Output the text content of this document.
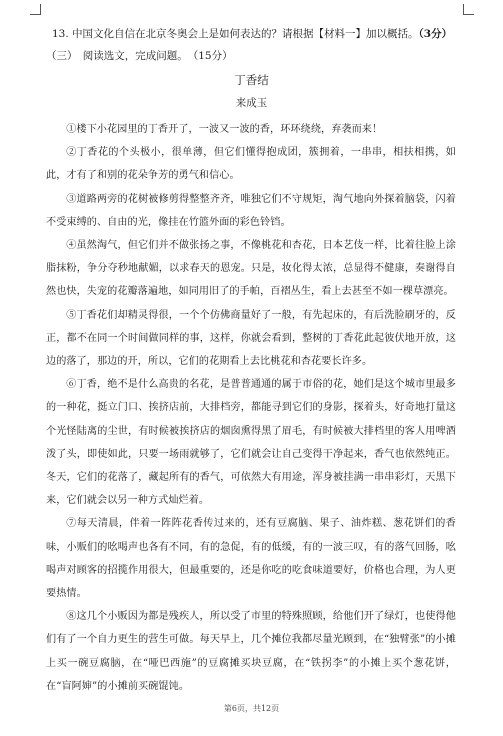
13. 中国文化自信在北京冬奥会上是如何表达的？请根据【材料一】加以概括。（3分）
（三）　阅读选文，完成问题。　（15分）
丁香结
来成玉

①楼下小花园里的丁香开了，一波又一波的香，环环绕绕，弃袭而来！

②丁香花的个头极小，很单薄，但它们懂得抱成团，簇拥着，一串串，相扶相携，如此，才有了和别的花朵争芳的勇气和信心。

③道路两旁的花树被修剪得整整齐齐，唯独它们不守规矩，淘气地向外探着脑袋，闪着不受束缚的、自由的光，像挂在竹篮外面的彩色铃铛。

④虽然淘气，但它们并不做张扬之事，不像桃花和杏花，日本艺伎一样，比着往脸上涂脂抹粉，争分夺秒地献媚，以求春天的恩宠。只是，妆化得太浓，总显得不健康，奏谢得自然也快，失宠的花瓣落遍地，如同用旧了的手帕，百褶丛生，看上去甚至不如一棵草漂亮。

⑤丁香花们却精灵得很，一个个仿佛商量好了一般，有先起床的，有后洗脸刷牙的，反正，都不在同一个时间做同样的事，这样，你就会看到，整树的丁香花此起彼伏地开放，这边的落了，那边的开，所以，它们的花期看上去比桃花和杏花要长许多。

⑥丁香，绝不是什么高贵的名花，是普普通通的属于市俗的花，她们是这个城市里最多的一种花，挺立门口、挨挤店前，大排档旁，都能寻到它们的身影，探着头，好奇地打量这个光怪陆离的尘世，有时候被挨挤店的烟囱熏得黑了眉毛，有时候被大排档里的客人用啤酒泼了头，即使如此，只要一场雨就够了，它们就会让自己变得干净起来，香气也依然纯正。冬天，它们的花落了，藏起所有的香气，可依然大有用途，浑身被挂满一串串彩灯，天黑下来，它们就会以另一种方式灿烂着。

⑦每天清晨，伴着一阵阵花香传过来的，还有豆腐脑、果子、油炸糕、葱花饼们的香味，小贩们的吆喝声也各有不同，有的急促，有的低缓，有的一波三叹，有的落气回肠，吆喝声对顾客的招揽作用很大，但最重要的，还是你吃的吃食味道要好，价格也合理，为人更要热情。

⑧这几个小贩因为都是残疾人，所以受了市里的特殊照顾，给他们开了绿灯，也使得他们有了一个自力更生的营生可做。每天早上，几个摊位我都尽量光顾到，在“独臂张”的小摊上买一碗豆腐脑，在“哑巴西施”的豆腐摊买块豆腐，在“铁拐李”的小摊上买个葱花饼，在“盲阿婶”的小摊前买碗馄饨。

第6页，共12页
